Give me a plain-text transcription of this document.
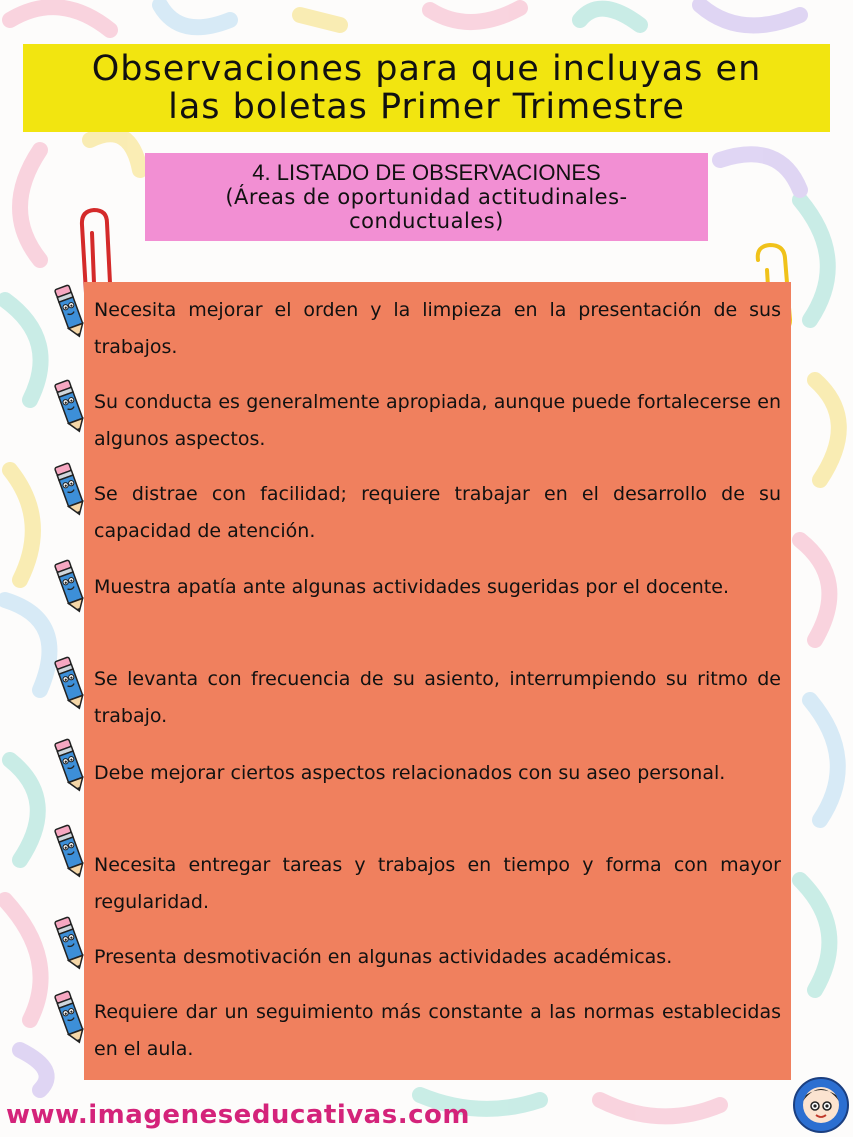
Observaciones para que incluyas en
las boletas Primer Trimestre
4. LISTADO DE OBSERVACIONES
(Áreas de oportunidad actitudinales-
conductuales)
Necesita mejorar el orden y la limpieza en la presentación de sus trabajos.
Su conducta es generalmente apropiada, aunque puede fortalecerse en algunos aspectos.
Se distrae con facilidad; requiere trabajar en el desarrollo de su capacidad de atención.
Muestra apatía ante algunas actividades sugeridas por el docente.
Se levanta con frecuencia de su asiento, interrumpiendo su ritmo de trabajo.
Debe mejorar ciertos aspectos relacionados con su aseo personal.
Necesita entregar tareas y trabajos en tiempo y forma con mayor regularidad.
Presenta desmotivación en algunas actividades académicas.
Requiere dar un seguimiento más constante a las normas establecidas en el aula.
www.imageneseducativas.com
